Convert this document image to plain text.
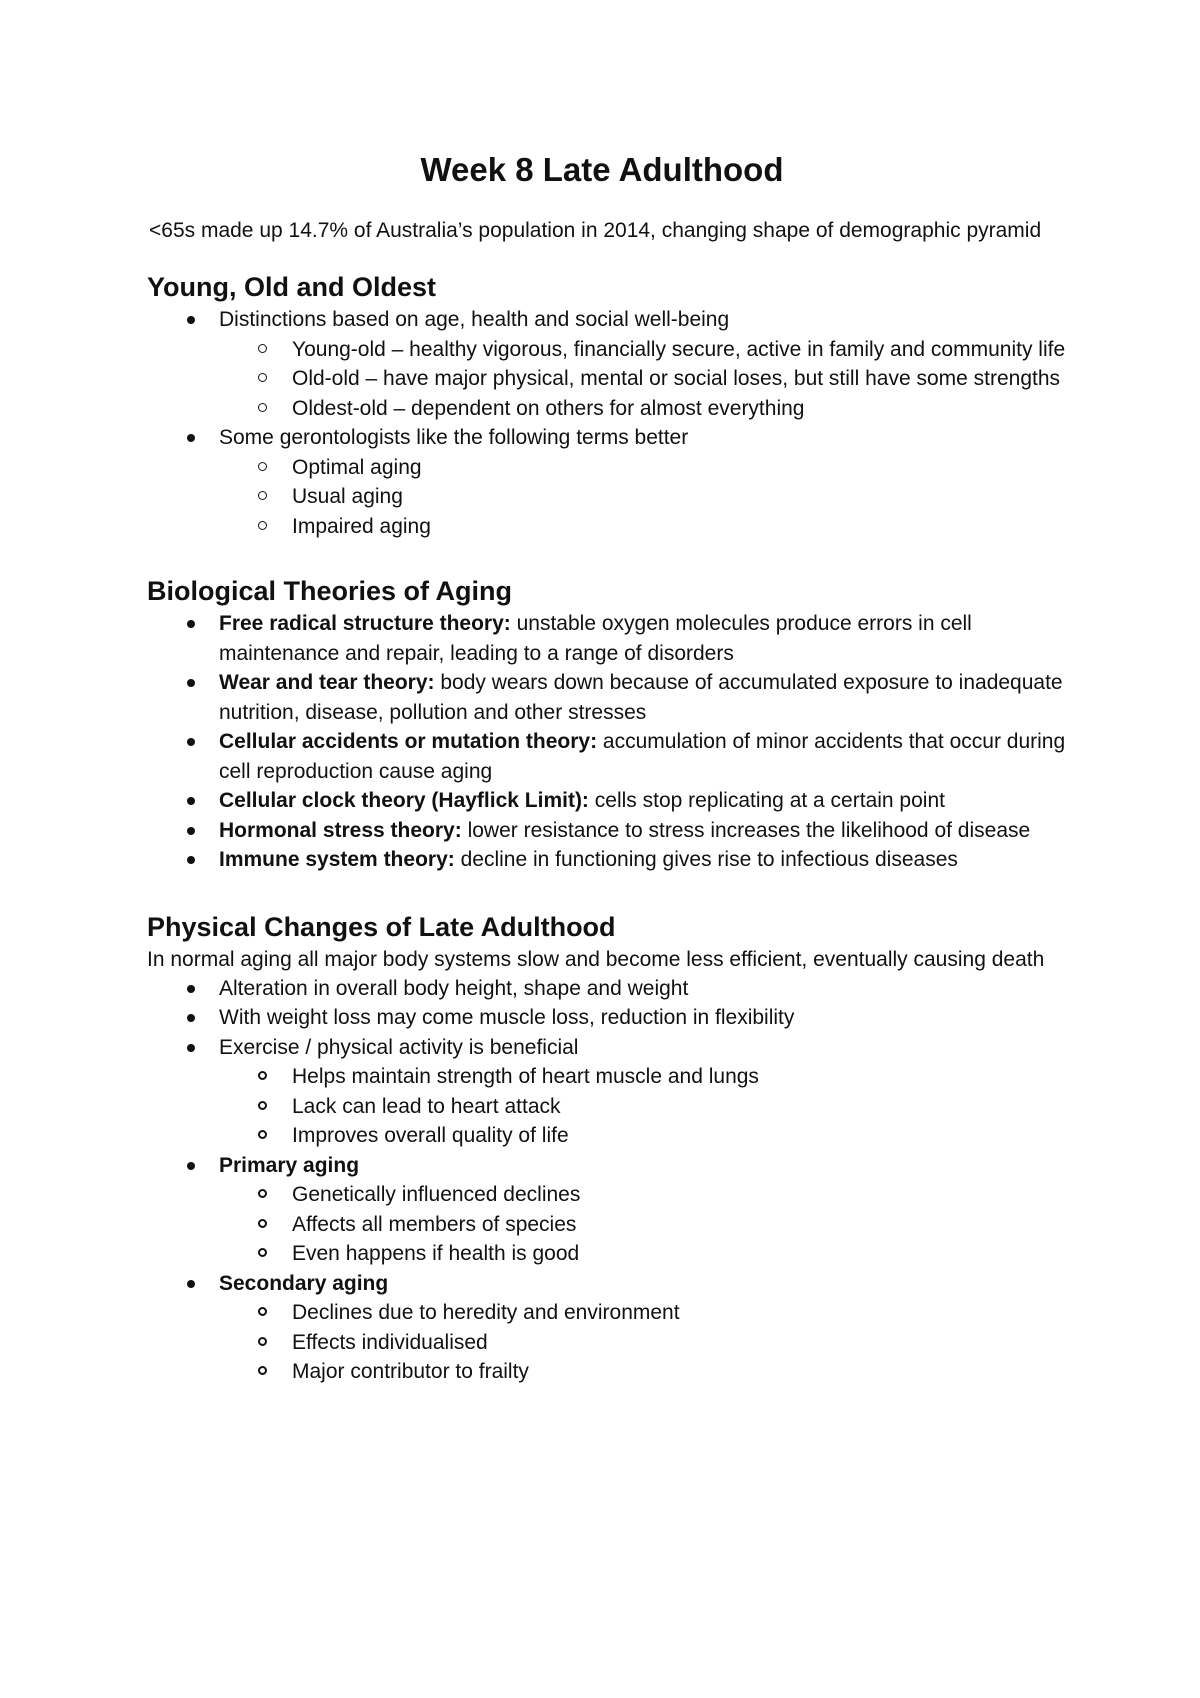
Week 8 Late Adulthood

<65s made up 14.7% of Australia’s population in 2014, changing shape of demographic pyramid

Young, Old and Oldest
Distinctions based on age, health and social well-being
Young-old – healthy vigorous, financially secure, active in family and community life
Old-old – have major physical, mental or social loses, but still have some strengths
Oldest-old – dependent on others for almost everything
Some gerontologists like the following terms better
Optimal aging
Usual aging
Impaired aging
Biological Theories of Aging
Free radical structure theory: unstable oxygen molecules produce errors in cell maintenance and repair, leading to a range of disorders
Wear and tear theory: body wears down because of accumulated exposure to inadequate nutrition, disease, pollution and other stresses
Cellular accidents or mutation theory: accumulation of minor accidents that occur during cell reproduction cause aging
Cellular clock theory (Hayflick Limit): cells stop replicating at a certain point
Hormonal stress theory: lower resistance to stress increases the likelihood of disease
Immune system theory: decline in functioning gives rise to infectious diseases
Physical Changes of Late Adulthood

In normal aging all major body systems slow and become less efficient, eventually causing death

Alteration in overall body height, shape and weight
With weight loss may come muscle loss, reduction in flexibility
Exercise / physical activity is beneficial
Helps maintain strength of heart muscle and lungs
Lack can lead to heart attack
Improves overall quality of life
Primary aging
Genetically influenced declines
Affects all members of species
Even happens if health is good
Secondary aging
Declines due to heredity and environment
Effects individualised
Major contributor to frailty
